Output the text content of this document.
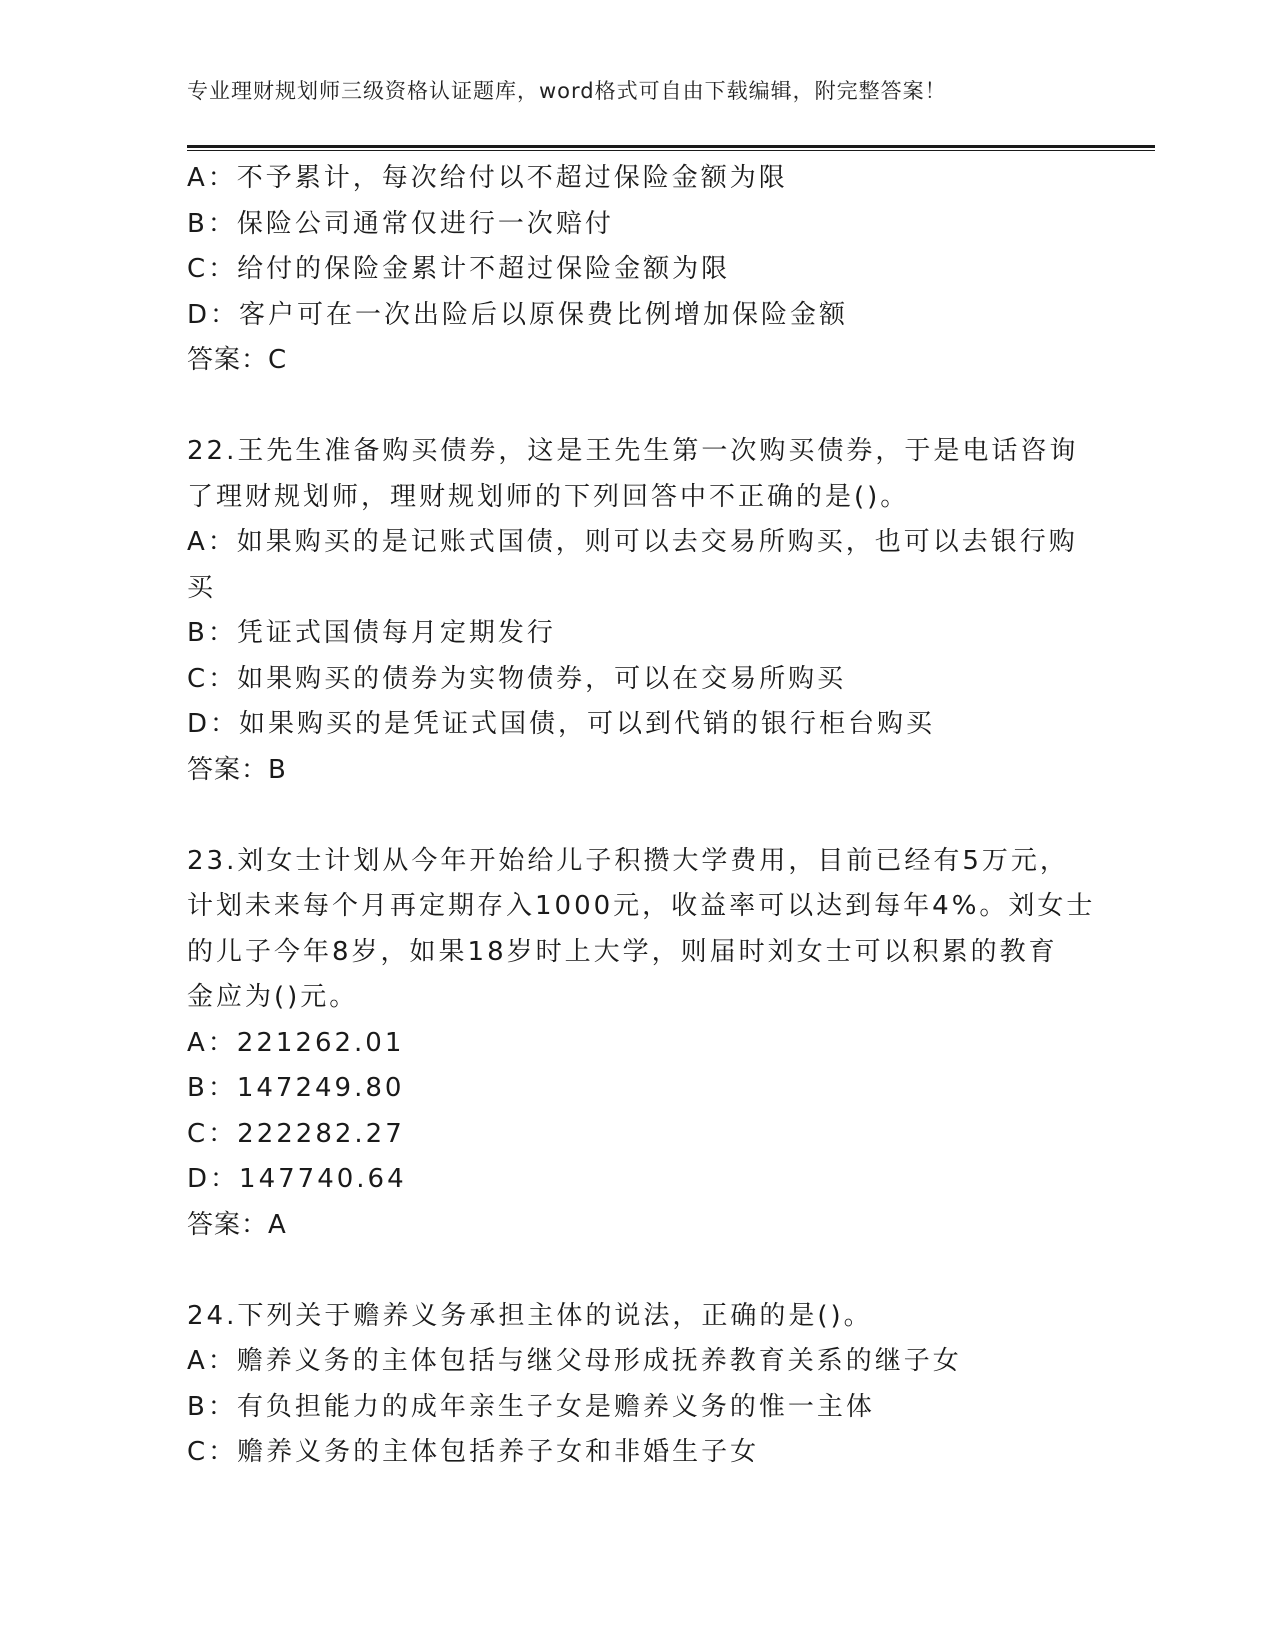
专业理财规划师三级资格认证题库，word格式可自由下载编辑，附完整答案！
A：不予累计，每次给付以不超过保险金额为限
B：保险公司通常仅进行一次赔付
C：给付的保险金累计不超过保险金额为限
D：客户可在一次出险后以原保费比例增加保险金额
答案：C
22.王先生准备购买债券，这是王先生第一次购买债券，于是电话咨询
了理财规划师，理财规划师的下列回答中不正确的是()。
A：如果购买的是记账式国债，则可以去交易所购买，也可以去银行购
买
B：凭证式国债每月定期发行
C：如果购买的债券为实物债券，可以在交易所购买
D：如果购买的是凭证式国债，可以到代销的银行柜台购买
答案：B
23.刘女士计划从今年开始给儿子积攒大学费用，目前已经有5万元，
计划未来每个月再定期存入1000元，收益率可以达到每年4%。刘女士
的儿子今年8岁，如果18岁时上大学，则届时刘女士可以积累的教育
金应为()元。
A：221262.01
B：147249.80
C：222282.27
D：147740.64
答案：A
24.下列关于赡养义务承担主体的说法，正确的是()。
A：赡养义务的主体包括与继父母形成抚养教育关系的继子女
B：有负担能力的成年亲生子女是赡养义务的惟一主体
C：赡养义务的主体包括养子女和非婚生子女
